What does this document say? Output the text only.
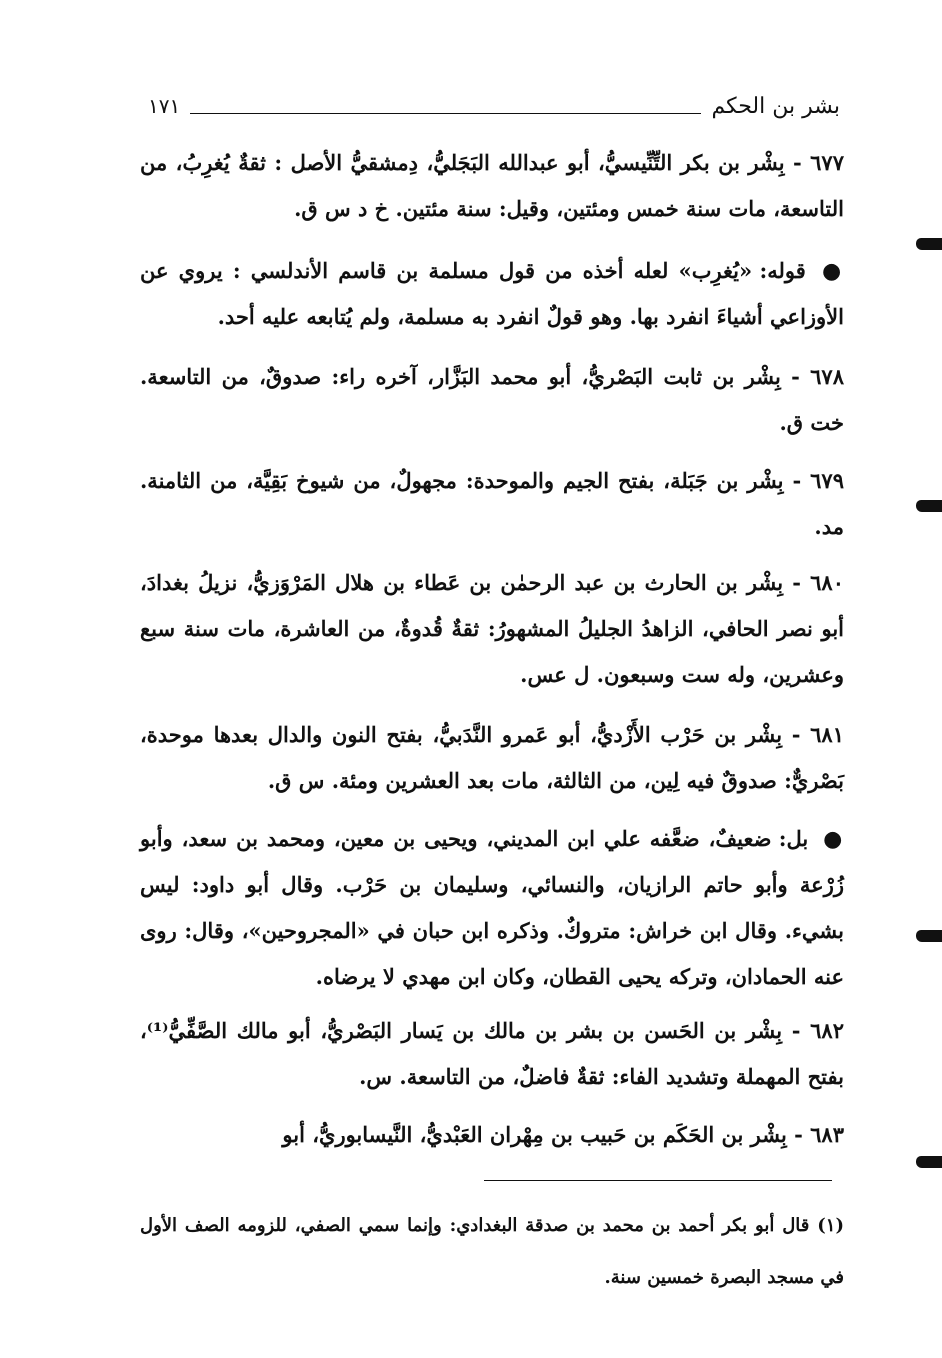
بشر بن الحكم
١٧١
٦٧٧ - بِشْر بن بكر التِّنِّيسيُّ، أبو عبدالله البَجَليُّ، دِمشقيُّ الأصل : ثقةٌ يُغرِبُ، من التاسعة، مات سنة خمس ومئتين، وقيل: سنة مئتين. خ د س ق.
● قوله: «يُغرِب» لعله أخذه من قول مسلمة بن قاسم الأندلسي : يروي عن الأوزاعي أشياءَ انفرد بها. وهو قولٌ انفرد به مسلمة، ولم يُتابعه عليه أحد.
٦٧٨ - بِشْر بن ثابت البَصْريُّ، أبو محمد البَزَّار، آخره راء: صدوقٌ، من التاسعة. خت ق.
٦٧٩ - بِشْر بن جَبَلة، بفتح الجيم والموحدة: مجهولٌ، من شيوخ بَقِيَّة، من الثامنة. مد.
٦٨٠ - بِشْر بن الحارث بن عبد الرحمٰن بن عَطاء بن هلال المَرْوَزيُّ، نزيلُ بغدادَ، أبو نصر الحافي، الزاهدُ الجليلُ المشهورُ: ثقةٌ قُدوةٌ، من العاشرة، مات سنة سبع وعشرين، وله ست وسبعون. ل عس.
٦٨١ - بِشْر بن حَرْب الأَزْديُّ، أبو عَمرو النَّدَبيُّ، بفتح النون والدال بعدها موحدة، بَصْريٌّ: صدوقٌ فيه لِين، من الثالثة، مات بعد العشرين ومئة. س ق.
● بل: ضعيفٌ، ضعَّفه علي ابن المديني، ويحيى بن معين، ومحمد بن سعد، وأبو زُرْعة وأبو حاتم الرازيان، والنسائي، وسليمان بن حَرْب. وقال أبو داود: ليس بشيء. وقال ابن خراش: متروكٌ. وذكره ابن حبان في «المجروحين»، وقال: روى عنه الحمادان، وتركه يحيى القطان، وكان ابن مهدي لا يرضاه.
٦٨٢ - بِشْر بن الحَسن بن بشر بن مالك بن يَسار البَصْريُّ، أبو مالك الصَّفِّيُّ⁽¹⁾، بفتح المهملة وتشديد الفاء: ثقةٌ فاضلٌ، من التاسعة. س.
٦٨٣ - بِشْر بن الحَكَم بن حَبيب بن مِهْران العَبْديُّ، النَّيسابوريُّ، أبو
(١) قال أبو بكر أحمد بن محمد بن صدقة البغدادي: وإنما سمي الصفي، للزومه الصف الأول في مسجد البصرة خمسين سنة.
